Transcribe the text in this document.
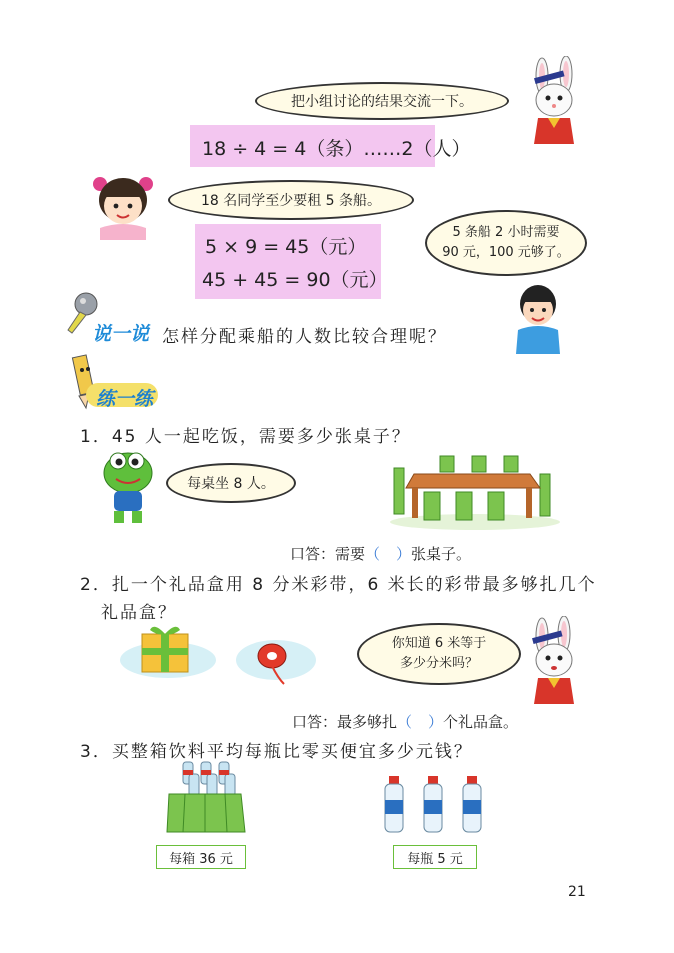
把小组讨论的结果交流一下。
18 ÷ 4 = 4（条）……2（人）
18 名同学至少要租 5 条船。
5 × 9 = 45（元）
45 + 45 = 90（元）
5 条船 2 小时需要
90 元，100 元够了。
说一说 怎样分配乘船的人数比较合理呢？
练一练
1．45 人一起吃饭，需要多少张桌子？
每桌坐 8 人。
口答：需要（ ）张桌子。
2．扎一个礼品盒用 8 分米彩带，6 米长的彩带最多够扎几个
礼品盒？
你知道 6 米等于
多少分米吗？
口答：最多够扎（ ）个礼品盒。
3．买整箱饮料平均每瓶比零买便宜多少元钱？
每箱 36 元	每瓶 5 元
21
